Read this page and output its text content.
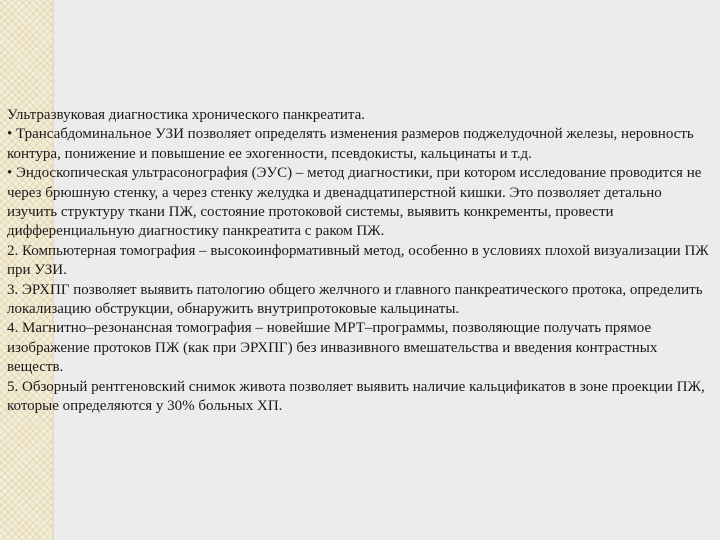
Ультразвуковая диагностика хронического панкреатита.

• Трансабдоминальное УЗИ позволяет определять изменения размеров поджелудочной железы, неровность контура, понижение и повышение ее эхогенности, псевдокисты, кальцинаты и т.д.

• Эндоскопическая ультрасонография (ЭУС) – метод диагностики, при котором исследование проводится не через брюшную стенку, а через стенку желудка и двенадцатиперстной кишки. Это позволяет детально изучить структуру ткани ПЖ, состояние протоковой системы, выявить конкременты, провести дифференциальную диагностику панкреатита с раком ПЖ.

2. Компьютерная томография – высокоинформативный метод, особенно в условиях плохой визуализации ПЖ при УЗИ.

3. ЭРХПГ позволяет выявить патологию общего желчного и главного панкреатического протока, определить локализацию обструкции, обнаружить внутрипротоковые кальцинаты.

4. Магнитно–резонансная томография – новейшие МРТ–программы, позволяющие получать прямое изображение протоков ПЖ (как при ЭРХПГ) без инвазивного вмешательства и введения контрастных веществ.

5. Обзорный рентгеновский снимок живота позволяет выявить наличие кальцификатов в зоне проекции ПЖ, которые определяются у 30% больных ХП.
